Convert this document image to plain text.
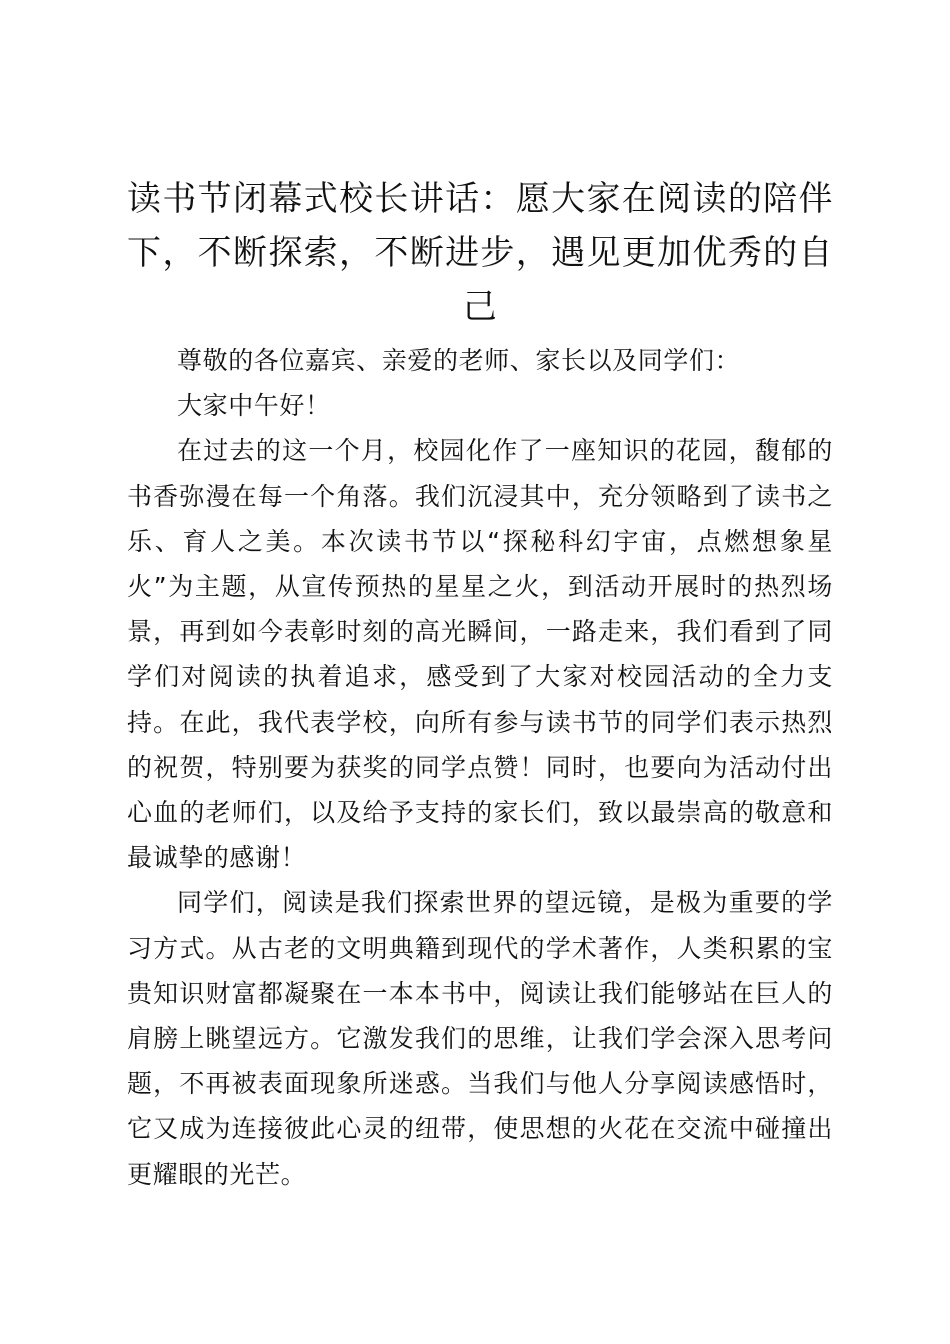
读书节闭幕式校长讲话：愿大家在阅读的陪伴下，不断探索，不断进步，遇见更加优秀的自己

尊敬的各位嘉宾、亲爱的老师、家长以及同学们：

大家中午好！

在过去的这一个月，校园化作了一座知识的花园，馥郁的书香弥漫在每一个角落。我们沉浸其中，充分领略到了读书之乐、育人之美。本次读书节以“探秘科幻宇宙，点燃想象星火”为主题，从宣传预热的星星之火，到活动开展时的热烈场景，再到如今表彰时刻的高光瞬间，一路走来，我们看到了同学们对阅读的执着追求，感受到了大家对校园活动的全力支持。在此，我代表学校，向所有参与读书节的同学们表示热烈的祝贺，特别要为获奖的同学点赞！同时，也要向为活动付出心血的老师们，以及给予支持的家长们，致以最崇高的敬意和最诚挚的感谢！

同学们，阅读是我们探索世界的望远镜，是极为重要的学习方式。从古老的文明典籍到现代的学术著作，人类积累的宝贵知识财富都凝聚在一本本书中，阅读让我们能够站在巨人的肩膀上眺望远方。它激发我们的思维，让我们学会深入思考问题，不再被表面现象所迷惑。当我们与他人分享阅读感悟时，它又成为连接彼此心灵的纽带，使思想的火花在交流中碰撞出更耀眼的光芒。
